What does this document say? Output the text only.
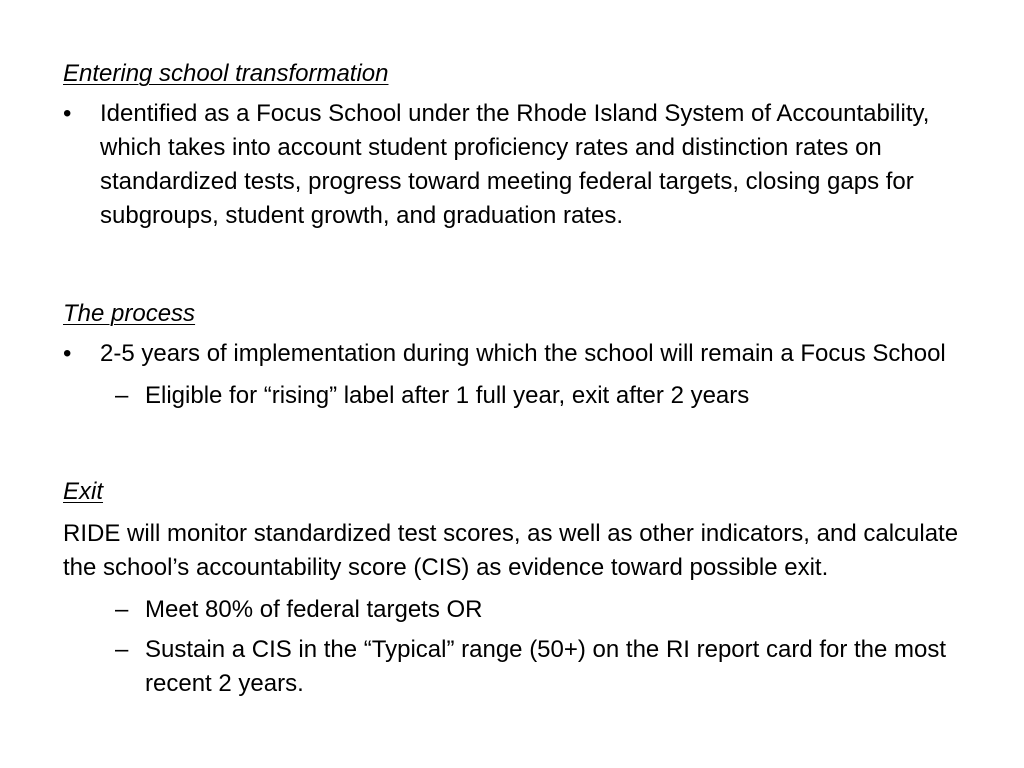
Entering school transformation
•	Identified as a Focus School under the Rhode Island System of Accountability, which takes into account student proficiency rates and distinction rates on standardized tests, progress toward meeting federal targets, closing gaps for subgroups, student growth, and graduation rates.
The process
•	2-5 years of implementation during which the school will remain a Focus School
– Eligible for “rising” label after 1 full year, exit after 2 years
Exit

RIDE will monitor standardized test scores, as well as other indicators, and calculate the school’s accountability score (CIS) as evidence toward possible exit.

– Meet 80% of federal targets OR
– Sustain a CIS in the “Typical” range (50+) on the RI report card for the most recent 2 years.
